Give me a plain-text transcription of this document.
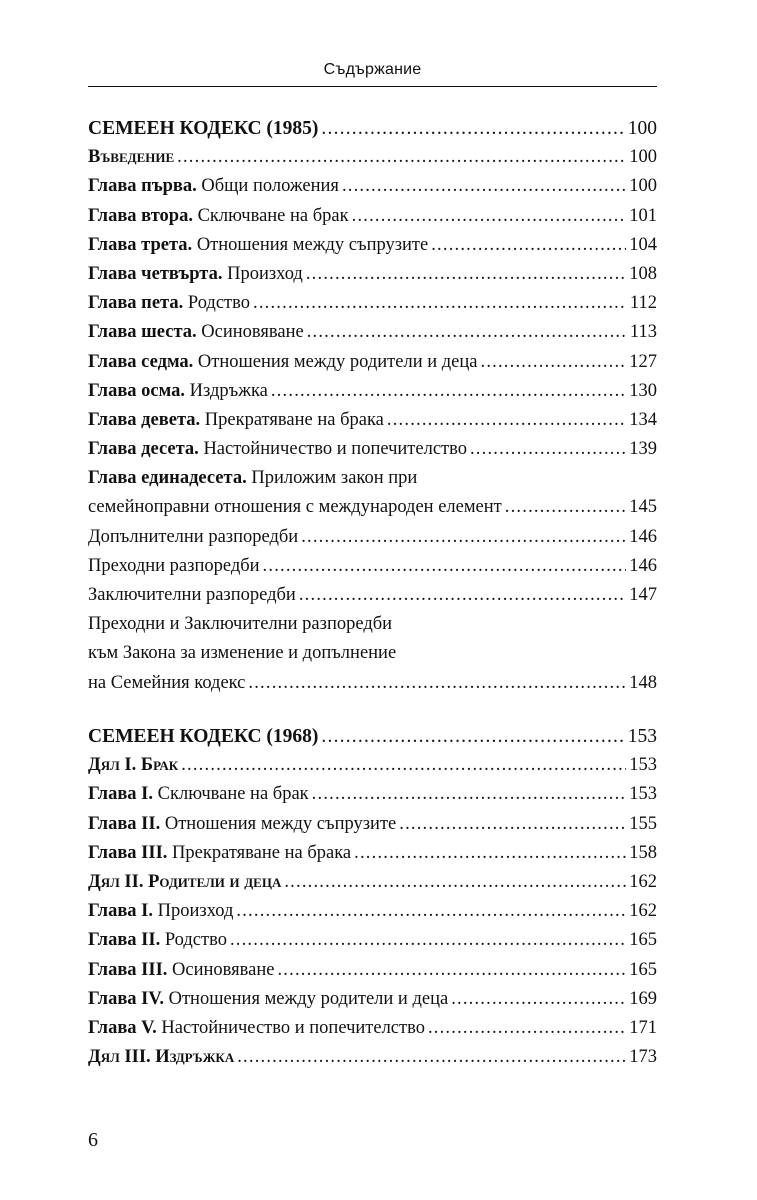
Съдържание
СЕМЕЕН КОДЕКС (1985) .....	100
Въведение .....	100
Глава първа. Общи положения .....	100
Глава втора. Сключване на брак .....	101
Глава трета. Отношения между съпрузите .....	104
Глава четвърта. Произход .....	108
Глава пета. Родство .....	112
Глава шеста. Осиновяване .....	113
Глава седма. Отношения между родители и деца .....	127
Глава осма. Издръжка .....	130
Глава девета. Прекратяване на брака .....	134
Глава десета. Настойничество и попечителство .....	139
Глава единадесета. Приложим закон при
семейноправни отношения с международен елемент .....	145
Допълнителни разпоредби .....	146
Преходни разпоредби .....	146
Заключителни разпоредби .....	147
Преходни и Заключителни разпоредби
към Закона за изменение и допълнение
на Семейния кодекс .....	148
СЕМЕЕН КОДЕКС (1968) .....	153
Дял I. Брак .....	153
Глава I. Сключване на брак .....	153
Глава II. Отношения между съпрузите .....	155
Глава III. Прекратяване на брака .....	158
Дял II. Родители и деца .....	162
Глава I. Произход .....	162
Глава II. Родство .....	165
Глава III. Осиновяване .....	165
Глава IV. Отношения между родители и деца .....	169
Глава V. Настойничество и попечителство .....	171
Дял III. Издръжка .....	173
6
